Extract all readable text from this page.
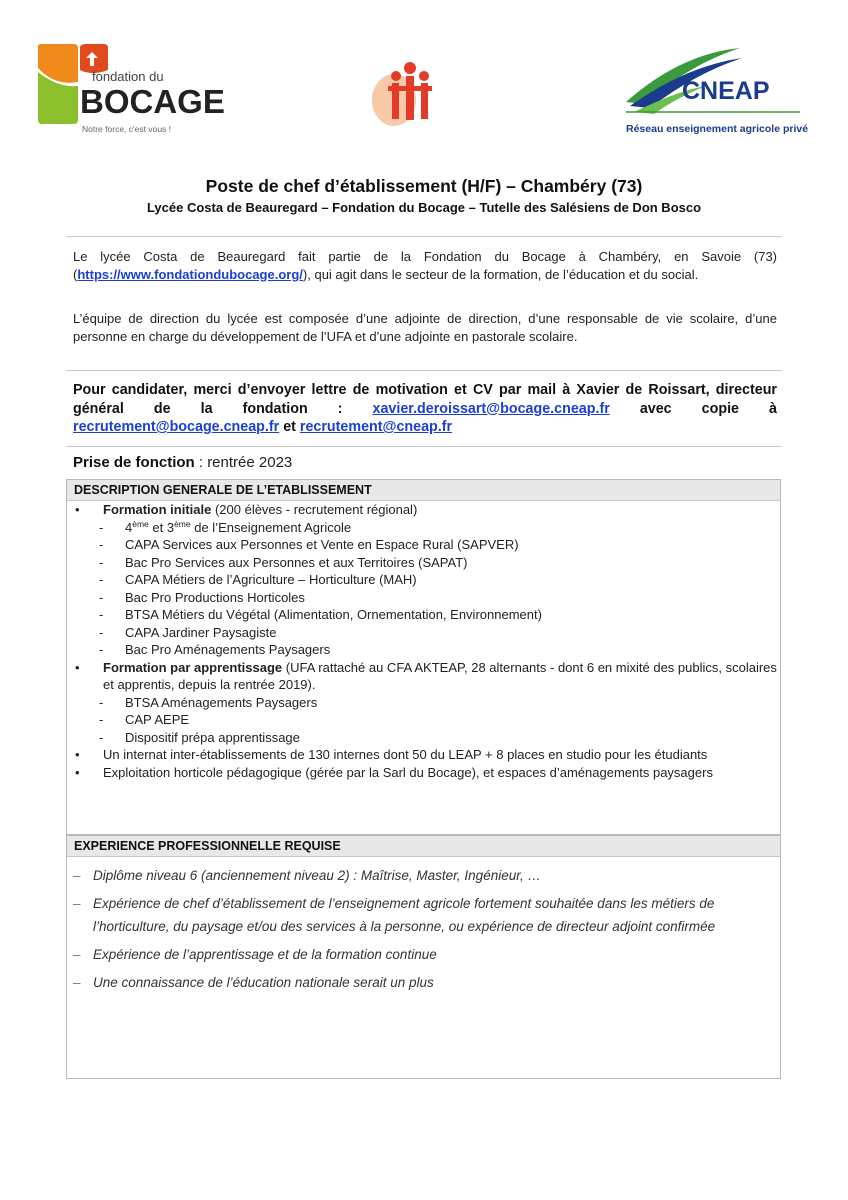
fondation du
BOCAGE
Notre force, c'est vous !
CNEAP
Réseau enseignement agricole privé
Poste de chef d’établissement (H/F) – Chambéry (73)
Lycée Costa de Beauregard – Fondation du Bocage – Tutelle des Salésiens de Don Bosco
Le lycée Costa de Beauregard fait partie de la Fondation du Bocage à Chambéry, en Savoie (73) (https://www.fondationdubocage.org/), qui agit dans le secteur de la formation, de l’éducation et du social.
L’équipe de direction du lycée est composée d’une adjointe de direction, d’une responsable de vie scolaire, d’une personne en charge du développement de l’UFA et d’une adjointe en pastorale scolaire.
Pour candidater, merci d’envoyer lettre de motivation et CV par mail à Xavier de Roissart, directeur général de la fondation : xavier.deroissart@bocage.cneap.fr avec copie à recrutement@bocage.cneap.fr et recrutement@cneap.fr
Prise de fonction : rentrée 2023
DESCRIPTION GENERALE DE L’ETABLISSEMENT
• Formation initiale (200 élèves - recrutement régional)
- 4ème et 3ème de l’Enseignement Agricole
- CAPA Services aux Personnes et Vente en Espace Rural (SAPVER)
- Bac Pro Services aux Personnes et aux Territoires (SAPAT)
- CAPA Métiers de l’Agriculture – Horticulture (MAH)
- Bac Pro Productions Horticoles
- BTSA Métiers du Végétal (Alimentation, Ornementation, Environnement)
- CAPA Jardiner Paysagiste
- Bac Pro Aménagements Paysagers
• Formation par apprentissage (UFA rattaché au CFA AKTEAP, 28 alternants - dont 6 en mixité des publics, scolaires et apprentis, depuis la rentrée 2019).
- BTSA Aménagements Paysagers
- CAP AEPE
- Dispositif prépa apprentissage
• Un internat inter-établissements de 130 internes dont 50 du LEAP + 8 places en studio pour les étudiants
• Exploitation horticole pédagogique (gérée par la Sarl du Bocage), et espaces d’aménagements paysagers
EXPERIENCE PROFESSIONNELLE REQUISE
– Diplôme niveau 6 (anciennement niveau 2) : Maîtrise, Master, Ingénieur, …
– Expérience de chef d’établissement de l’enseignement agricole fortement souhaitée dans les métiers de l’horticulture, du paysage et/ou des services à la personne, ou expérience de directeur adjoint confirmée
– Expérience de l’apprentissage et de la formation continue
– Une connaissance de l’éducation nationale serait un plus
